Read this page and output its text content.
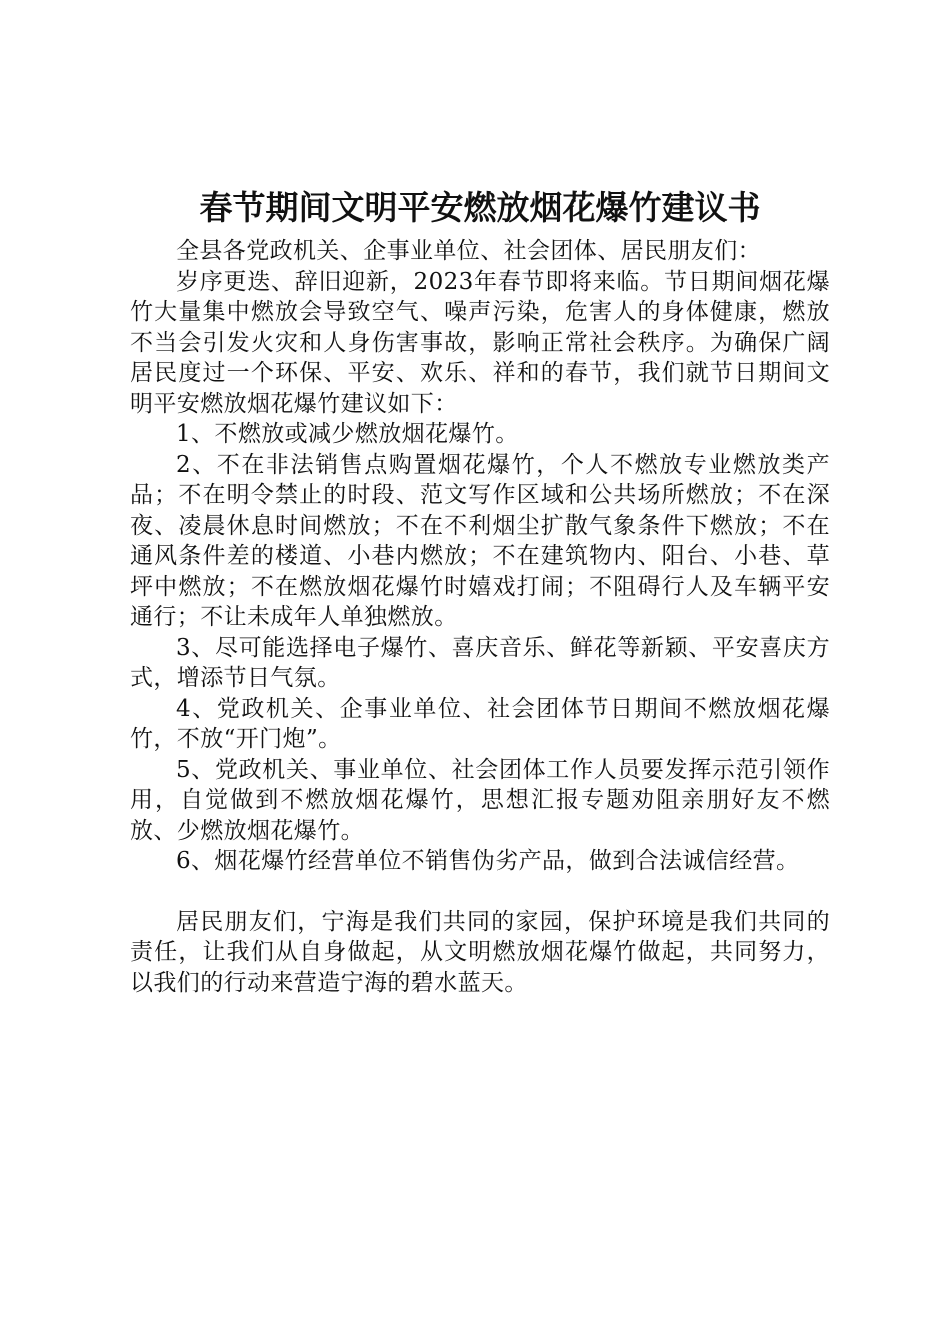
春节期间文明平安燃放烟花爆竹建议书

全县各党政机关、企事业单位、社会团体、居民朋友们：

岁序更迭、辞旧迎新，2023年春节即将来临。节日期间烟花爆竹大量集中燃放会导致空气、噪声污染，危害人的身体健康，燃放不当会引发火灾和人身伤害事故，影响正常社会秩序。为确保广阔居民度过一个环保、平安、欢乐、祥和的春节，我们就节日期间文明平安燃放烟花爆竹建议如下：

1、不燃放或减少燃放烟花爆竹。

2、不在非法销售点购置烟花爆竹，个人不燃放专业燃放类产品；不在明令禁止的时段、范文写作区域和公共场所燃放；不在深夜、凌晨休息时间燃放；不在不利烟尘扩散气象条件下燃放；不在通风条件差的楼道、小巷内燃放；不在建筑物内、阳台、小巷、草坪中燃放；不在燃放烟花爆竹时嬉戏打闹；不阻碍行人及车辆平安通行；不让未成年人单独燃放。

3、尽可能选择电子爆竹、喜庆音乐、鲜花等新颖、平安喜庆方式，增添节日气氛。

4、党政机关、企事业单位、社会团体节日期间不燃放烟花爆竹，不放“开门炮”。

5、党政机关、事业单位、社会团体工作人员要发挥示范引领作用，自觉做到不燃放烟花爆竹，思想汇报专题劝阻亲朋好友不燃放、少燃放烟花爆竹。

6、烟花爆竹经营单位不销售伪劣产品，做到合法诚信经营。

居民朋友们，宁海是我们共同的家园，保护环境是我们共同的责任，让我们从自身做起，从文明燃放烟花爆竹做起，共同努力，以我们的行动来营造宁海的碧水蓝天。
